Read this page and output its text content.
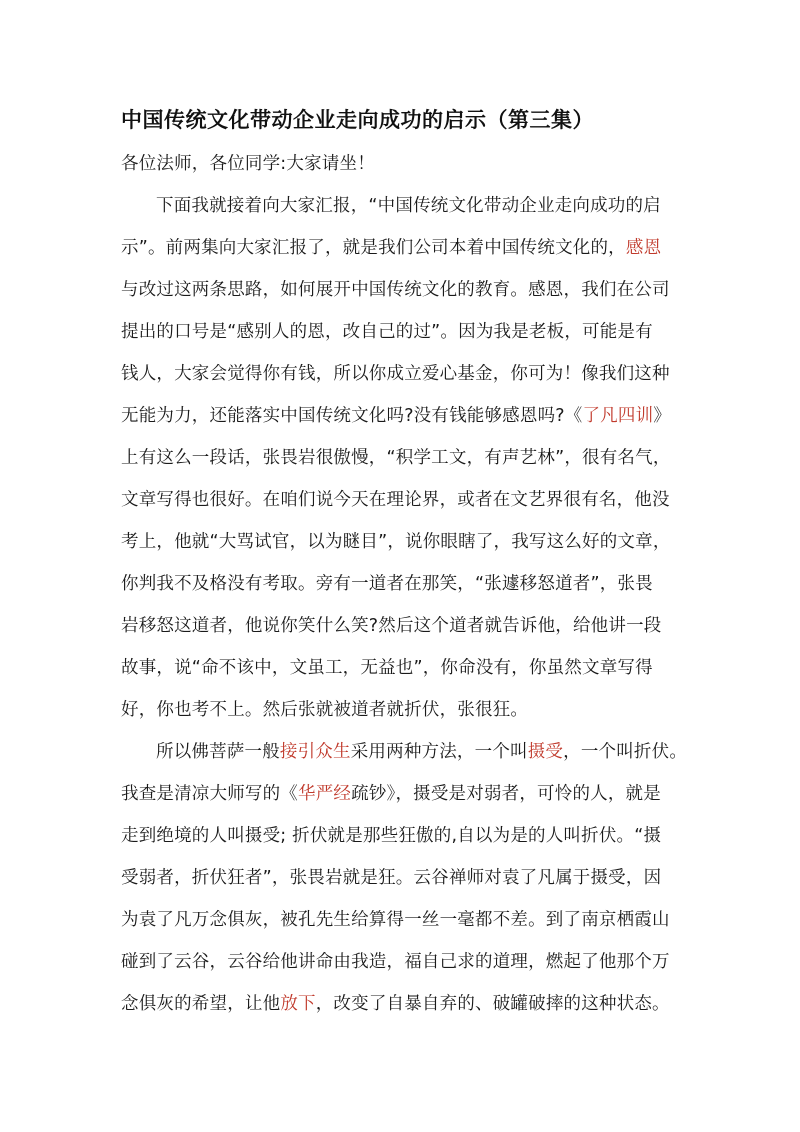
中国传统文化带动企业走向成功的启示（第三集）
各位法师，各位同学:大家请坐！
下面我就接着向大家汇报，“中国传统文化带动企业走向成功的启
示”。前两集向大家汇报了，就是我们公司本着中国传统文化的，感恩
与改过这两条思路，如何展开中国传统文化的教育。感恩，我们在公司
提出的口号是“感别人的恩，改自己的过”。因为我是老板，可能是有
钱人，大家会觉得你有钱，所以你成立爱心基金，你可为！像我们这种
无能为力，还能落实中国传统文化吗?没有钱能够感恩吗?《了凡四训》
上有这么一段话，张畏岩很傲慢，“积学工文，有声艺林”，很有名气，
文章写得也很好。在咱们说今天在理论界，或者在文艺界很有名，他没
考上，他就“大骂试官，以为瞇目”，说你眼瞎了，我写这么好的文章，
你判我不及格没有考取。旁有一道者在那笑，“张遽移怒道者”，张畏
岩移怒这道者，他说你笑什么笑?然后这个道者就告诉他，给他讲一段
故事，说“命不该中，文虽工，无益也”，你命没有，你虽然文章写得
好，你也考不上。然后张就被道者就折伏，张很狂。
所以佛菩萨一般接引众生采用两种方法，一个叫摄受，一个叫折伏。
我查是清凉大师写的《华严经疏钞》，摄受是对弱者，可怜的人，就是
走到绝境的人叫摄受; 折伏就是那些狂傲的,自以为是的人叫折伏。“摄
受弱者，折伏狂者”，张畏岩就是狂。云谷禅师对袁了凡属于摄受，因
为袁了凡万念俱灰，被孔先生给算得一丝一毫都不差。到了南京栖霞山
碰到了云谷，云谷给他讲命由我造，福自己求的道理，燃起了他那个万
念俱灰的希望，让他放下，改变了自暴自弃的、破罐破摔的这种状态。
